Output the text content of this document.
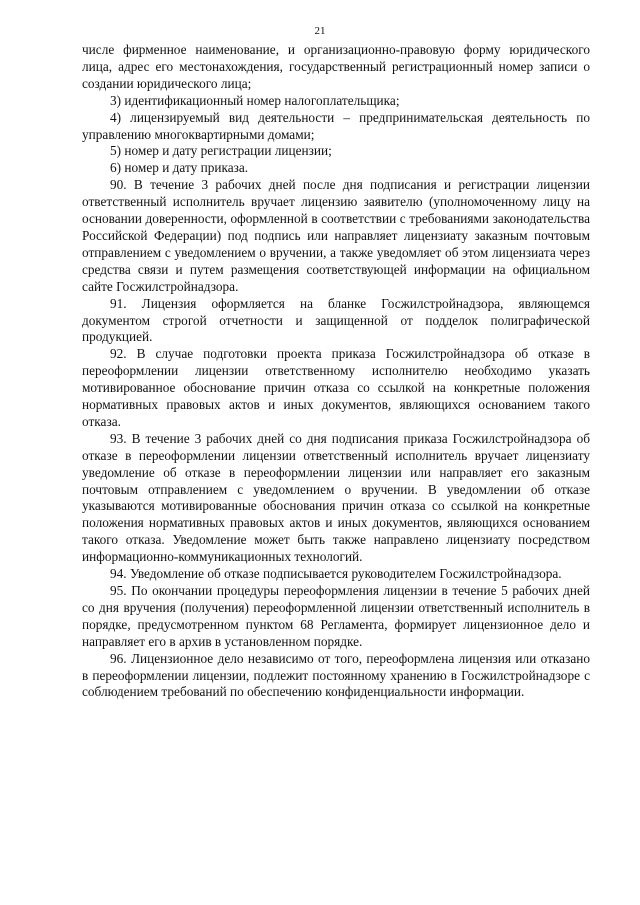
21

числе фирменное наименование, и организационно-правовую форму юридического лица, адрес его местонахождения, государственный регистрационный номер записи о создании юридического лица;

3) идентификационный номер налогоплательщика;

4) лицензируемый вид деятельности – предпринимательская деятельность по управлению многоквартирными домами;

5) номер и дату регистрации лицензии;

6) номер и дату приказа.

90. В течение 3 рабочих дней после дня подписания и регистрации лицензии ответственный исполнитель вручает лицензию заявителю (уполномоченному лицу на основании доверенности, оформленной в соответствии с требованиями законодательства Российской Федерации) под подпись или направляет лицензиату заказным почтовым отправлением с уведомлением о вручении, а также уведомляет об этом лицензиата через средства связи и путем размещения соответствующей информации на официальном сайте Госжилстройнадзора.

91. Лицензия оформляется на бланке Госжилстройнадзора, являющемся документом строгой отчетности и защищенной от подделок полиграфической продукцией.

92. В случае подготовки проекта приказа Госжилстройнадзора об отказе в переоформлении лицензии ответственному исполнителю необходимо указать мотивированное обоснование причин отказа со ссылкой на конкретные положения нормативных правовых актов и иных документов, являющихся основанием такого отказа.

93. В течение 3 рабочих дней со дня подписания приказа Госжилстройнадзора об отказе в переоформлении лицензии ответственный исполнитель вручает лицензиату уведомление об отказе в переоформлении лицензии или направляет его заказным почтовым отправлением с уведомлением о вручении. В уведомлении об отказе указываются мотивированные обоснования причин отказа со ссылкой на конкретные положения нормативных правовых актов и иных документов, являющихся основанием такого отказа. Уведомление может быть также направлено лицензиату посредством информационно-коммуникационных технологий.

94. Уведомление об отказе подписывается руководителем Госжилстройнадзора.

95. По окончании процедуры переоформления лицензии в течение 5 рабочих дней со дня вручения (получения) переоформленной лицензии ответственный исполнитель в порядке, предусмотренном пунктом 68 Регламента, формирует лицензионное дело и направляет его в архив в установленном порядке.

96. Лицензионное дело независимо от того, переоформлена лицензия или отказано в переоформлении лицензии, подлежит постоянному хранению в Госжилстройнадзоре с соблюдением требований по обеспечению конфиденциальности информации.
